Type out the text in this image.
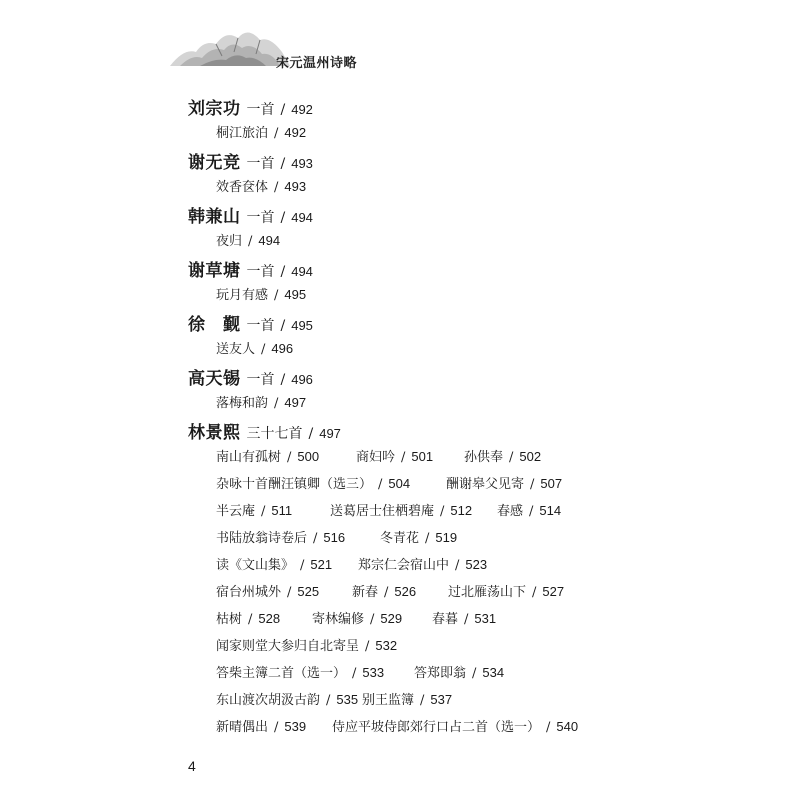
宋元温州诗略
刘宗功 一首 / 492
桐江旅泊 / 492
谢无竞 一首 / 493
效香奁体 / 493
韩兼山 一首 / 494
夜归 / 494
谢草塘 一首 / 494
玩月有感 / 495
徐　觐 一首 / 495
送友人 / 496
高天锡 一首 / 496
落梅和韵 / 497
林景熙 三十七首 / 497
南山有孤树 / 500	商妇吟 / 501 孙供奉 / 502
杂咏十首酬汪镇卿（选三） / 504	酬谢皋父见寄 / 507
半云庵 / 511	送葛居士住栖碧庵 / 512 春感 / 514
书陆放翁诗卷后 / 516	冬青花 / 519
读《文山集》 / 521 郑宗仁会宿山中 / 523
宿台州城外 / 525	新春 / 526 过北雁荡山下 / 527
枯树 / 528 寄林编修 / 529 春暮 / 531
闻家则堂大参归自北寄呈 / 532
答柴主簿二首（选一） / 533 答郑即翁 / 534
东山渡次胡汲古韵 / 535 别王监簿 / 537
新晴偶出 / 539 侍应平坡侍郎郊行口占二首（选一） / 540
4
